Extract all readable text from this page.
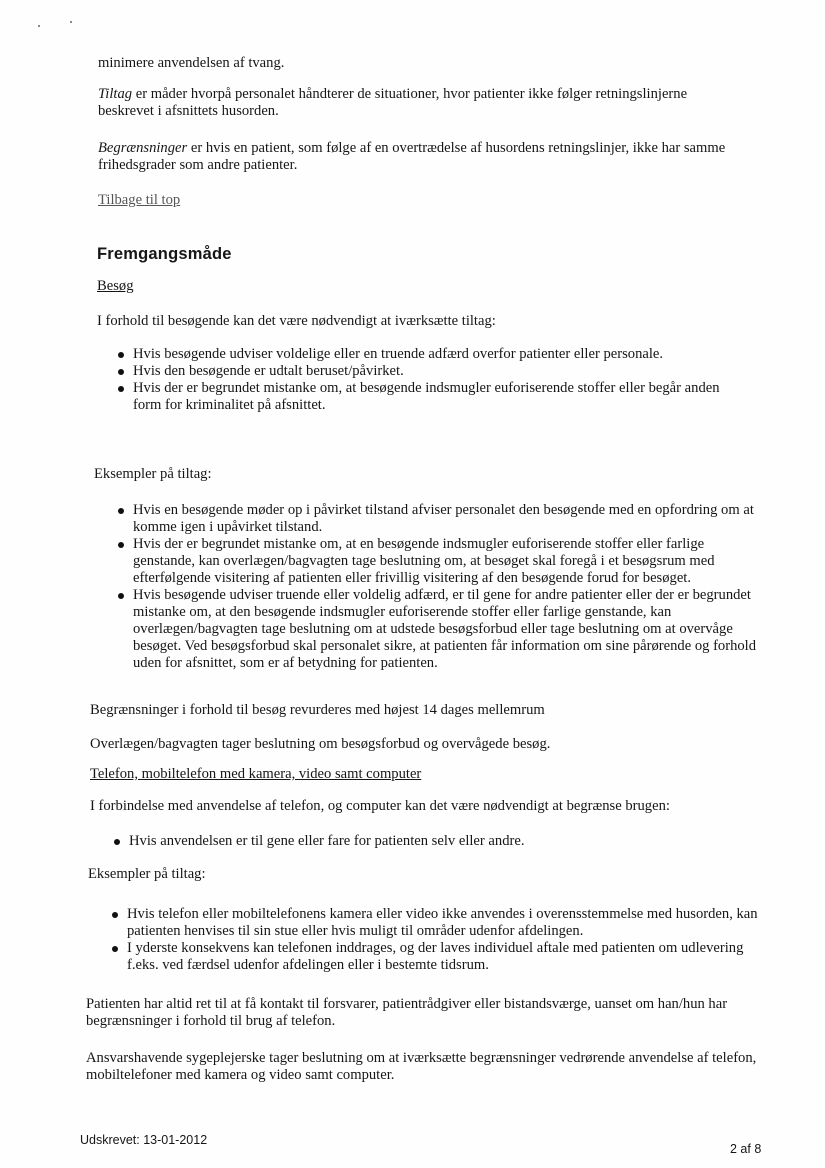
minimere anvendelsen af tvang.

Tiltag er måder hvorpå personalet håndterer de situationer, hvor patienter ikke følger retningslinjerne beskrevet i afsnittets husorden.

Begrænsninger er hvis en patient, som følge af en overtrædelse af husordens retningslinjer, ikke har samme frihedsgrader som andre patienter.

Tilbage til top
Fremgangsmåde
Besøg

I forhold til besøgende kan det være nødvendigt at iværksætte tiltag:

Hvis besøgende udviser voldelige eller en truende adfærd overfor patienter eller personale.
Hvis den besøgende er udtalt beruset/påvirket.
Hvis der er begrundet mistanke om, at besøgende indsmugler euforiserende stoffer eller begår anden form for kriminalitet på afsnittet.

Eksempler på tiltag:

Hvis en besøgende møder op i påvirket tilstand afviser personalet den besøgende med en opfordring om at komme igen i upåvirket tilstand.
Hvis der er begrundet mistanke om, at en besøgende indsmugler euforiserende stoffer eller farlige genstande, kan overlægen/bagvagten tage beslutning om, at besøget skal foregå i et besøgsrum med efterfølgende visitering af patienten eller frivillig visitering af den besøgende forud for besøget.
Hvis besøgende udviser truende eller voldelig adfærd, er til gene for andre patienter eller der er begrundet mistanke om, at den besøgende indsmugler euforiserende stoffer eller farlige genstande, kan overlægen/bagvagten tage beslutning om at udstede besøgsforbud eller tage beslutning om at overvåge besøget. Ved besøgsforbud skal personalet sikre, at patienten får information om sine pårørende og forhold uden for afsnittet, som er af betydning for patienten.

Begrænsninger i forhold til besøg revurderes med højest 14 dages mellemrum

Overlægen/bagvagten tager beslutning om besøgsforbud og overvågede besøg.

Telefon, mobiltelefon med kamera, video samt computer

I forbindelse med anvendelse af telefon, og computer kan det være nødvendigt at begrænse brugen:

Hvis anvendelsen er til gene eller fare for patienten selv eller andre.

Eksempler på tiltag:

Hvis telefon eller mobiltelefonens kamera eller video ikke anvendes i overensstemmelse med husorden, kan patienten henvises til sin stue eller hvis muligt til områder udenfor afdelingen.
I yderste konsekvens kan telefonen inddrages, og der laves individuel aftale med patienten om udlevering f.eks. ved færdsel udenfor afdelingen eller i bestemte tidsrum.

Patienten har altid ret til at få kontakt til forsvarer, patientrådgiver eller bistandsværge, uanset om han/hun har begrænsninger i forhold til brug af telefon.

Ansvarshavende sygeplejerske tager beslutning om at iværksætte begrænsninger vedrørende anvendelse af telefon, mobiltelefoner med kamera og video samt computer.

Udskrevet: 13-01-2012
2 af 8
